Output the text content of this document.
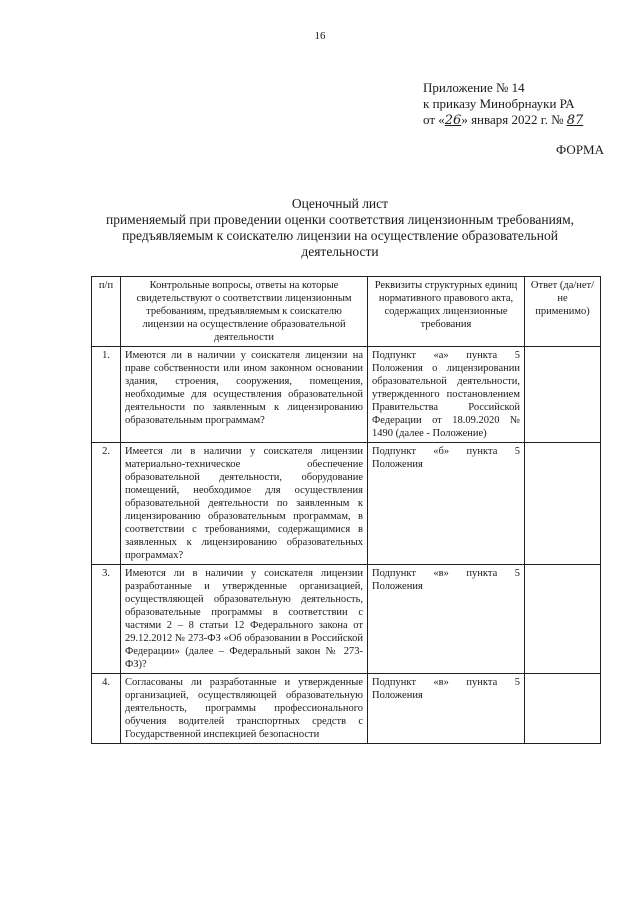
16
Приложение № 14
к приказу Минобрнауки РА
от «26» января 2022 г. № 87
ФОРМА
Оценочный лист
применяемый при проведении оценки соответствия лицензионным требованиям, предъявляемым к соискателю лицензии на осуществление образовательной деятельности
п/п	Контрольные вопросы, ответы на которые свидетельствуют о соответствии лицензионным требованиям, предъявляемым к соискателю лицензии на осуществление образовательной деятельности	Реквизиты структурных единиц нормативного правового акта, содержащих лицензионные требования	Ответ (да/нет/ не применимо)
1.	Имеются ли в наличии у соискателя лицензии на праве собственности или ином законном основании здания, строения, сооружения, помещения, необходимые для осуществления образовательной деятельности по заявленным к лицензированию образовательным программам?	Подпункт «а» пункта 5 Положения о лицензировании образовательной деятельности, утвержденного постановлением Правительства Российской Федерации от 18.09.2020 № 1490 (далее - Положение)	
2.	Имеется ли в наличии у соискателя лицензии материально-техническое обеспечение образовательной деятельности, оборудование помещений, необходимое для осуществления образовательной деятельности по заявленным к лицензированию образовательным программам, в соответствии с требованиями, содержащимися в заявленных к лицензированию образовательных программах?	Подпункт «б» пункта 5 Положения	
3.	Имеются ли в наличии у соискателя лицензии разработанные и утвержденные организацией, осуществляющей образовательную деятельность, образовательные программы в соответствии с частями 2 – 8 статьи 12 Федерального закона от 29.12.2012 № 273-ФЗ «Об образовании в Российской Федерации» (далее – Федеральный закон № 273-ФЗ)?	Подпункт «в» пункта 5 Положения	
4.	Согласованы ли разработанные и утвержденные организацией, осуществляющей образовательную деятельность, программы профессионального обучения водителей транспортных средств с Государственной инспекцией безопасности	Подпункт «в» пункта 5 Положения	
